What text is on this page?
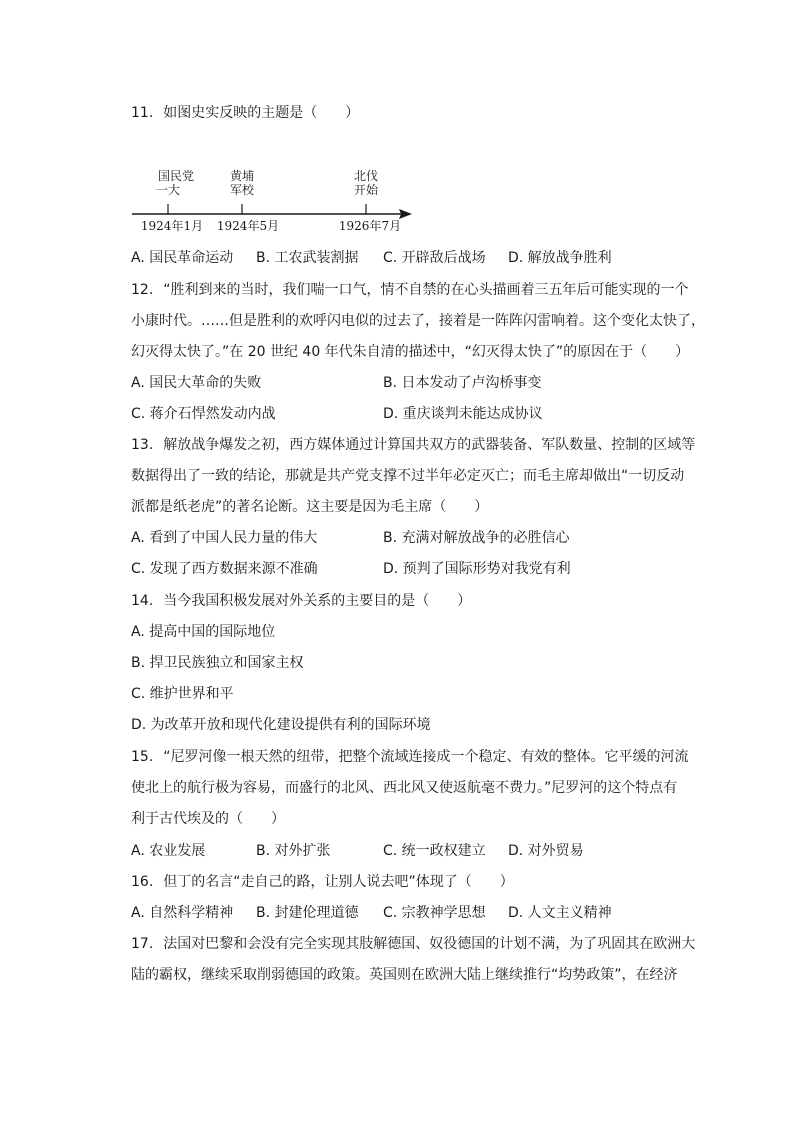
11. 如图史实反映的主题是（　　）
国民党
一大
黄埔
军校
北伐
开始
1924年1月 1924年5月	1926年7月
A. 国民革命运动 B. 工农武装割据 C. 开辟敌后战场 D. 解放战争胜利
12. “胜利到来的当时，我们喘一口气，情不自禁的在心头描画着三五年后可能实现的一个
小康时代。……但是胜利的欢呼闪电似的过去了，接着是一阵阵闪雷响着。这个变化太快了，
幻灭得太快了。”在 20 世纪 40 年代朱自清的描述中，“幻灭得太快了”的原因在于（　　）
A. 国民大革命的失败	B. 日本发动了卢沟桥事变
C. 蒋介石悍然发动内战	D. 重庆谈判未能达成协议
13. 解放战争爆发之初，西方媒体通过计算国共双方的武器装备、军队数量、控制的区域等
数据得出了一致的结论，那就是共产党支撑不过半年必定灭亡；而毛主席却做出“一切反动
派都是纸老虎”的著名论断。这主要是因为毛主席（　　）
A. 看到了中国人民力量的伟大	B. 充满对解放战争的必胜信心
C. 发现了西方数据来源不准确	D. 预判了国际形势对我党有利
14. 当今我国积极发展对外关系的主要目的是（　　）
A. 提高中国的国际地位
B. 捍卫民族独立和国家主权
C. 维护世界和平
D. 为改革开放和现代化建设提供有利的国际环境
15. “尼罗河像一根天然的纽带，把整个流域连接成一个稳定、有效的整体。它平缓的河流
使北上的航行极为容易，而盛行的北风、西北风又使返航毫不费力。”尼罗河的这个特点有
利于古代埃及的（　　）
A. 农业发展	B. 对外扩张	C. 统一政权建立 D. 对外贸易
16. 但丁的名言“走自己的路，让别人说去吧”体现了（　　）
A. 自然科学精神 B. 封建伦理道德 C. 宗教神学思想 D. 人文主义精神
17. 法国对巴黎和会没有完全实现其肢解德国、奴役德国的计划不满，为了巩固其在欧洲大
陆的霸权，继续采取削弱德国的政策。英国则在欧洲大陆上继续推行“均势政策”，在经济
